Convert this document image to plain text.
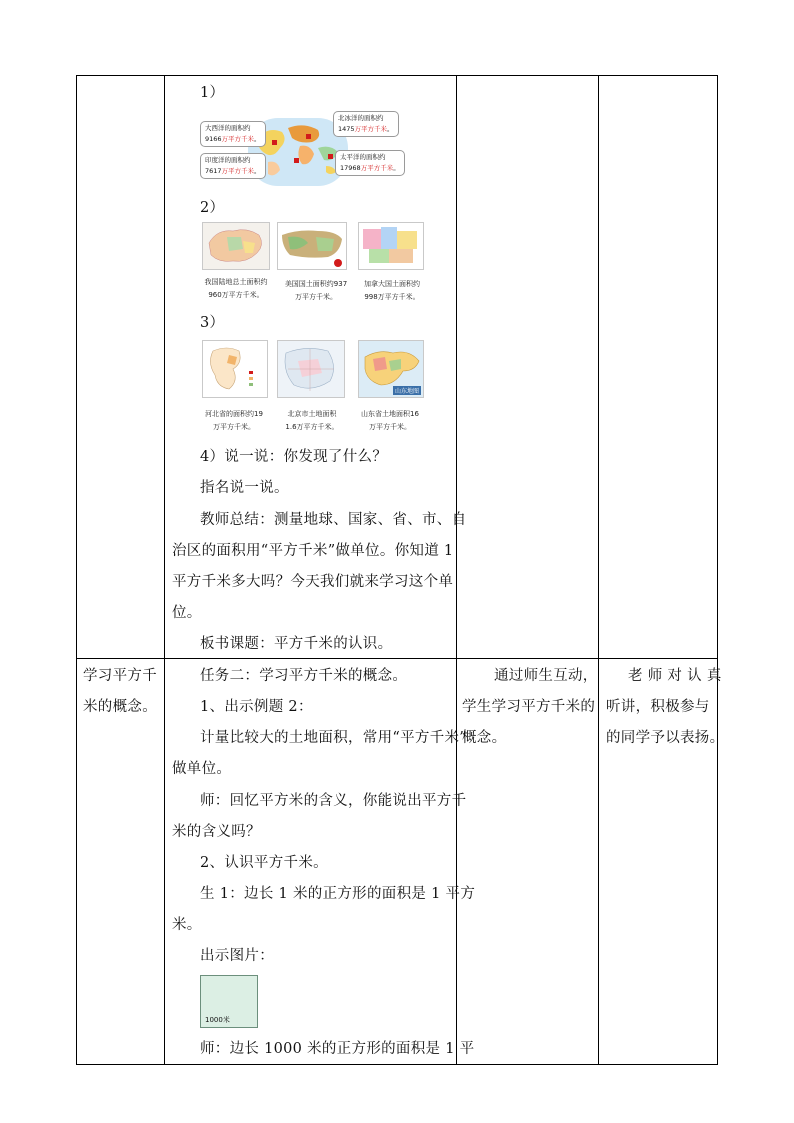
1）
大西洋的面积约
9166万平方千米。
北冰洋的面积约
1475万平方千米。
印度洋的面积约
7617万平方千米。
太平洋的面积约
17968万平方千米。
2）
我国陆地总土面积约
960万平方千米。
美国国土面积约937
万平方千米。
加拿大国土面积约
998万平方千米。
3）
山东地图
河北省的面积约19
万平方千米。
北京市土地面积
1.6万平方千米。
山东省土地面积16
万平方千米。
4）说一说：你发现了什么？
指名说一说。
教师总结：测量地球、国家、省、市、自
治区的面积用“平方千米”做单位。你知道 1
平方千米多大吗？今天我们就来学习这个单
位。
板书课题：平方千米的认识。
学习平方千
米的概念。
任务二：学习平方千米的概念。
1、出示例题 2：
计量比较大的土地面积，常用“平方千米”
做单位。
师：回忆平方米的含义，你能说出平方千
米的含义吗？
2、认识平方千米。
生 1：边长 1 米的正方形的面积是 1 平方
米。
出示图片：
1000米
师：边长 1000 米的正方形的面积是 1 平
通过师生互动，
学生学习平方千米的
概念。
老 师 对 认 真
听讲，积极参与
的同学予以表扬。
